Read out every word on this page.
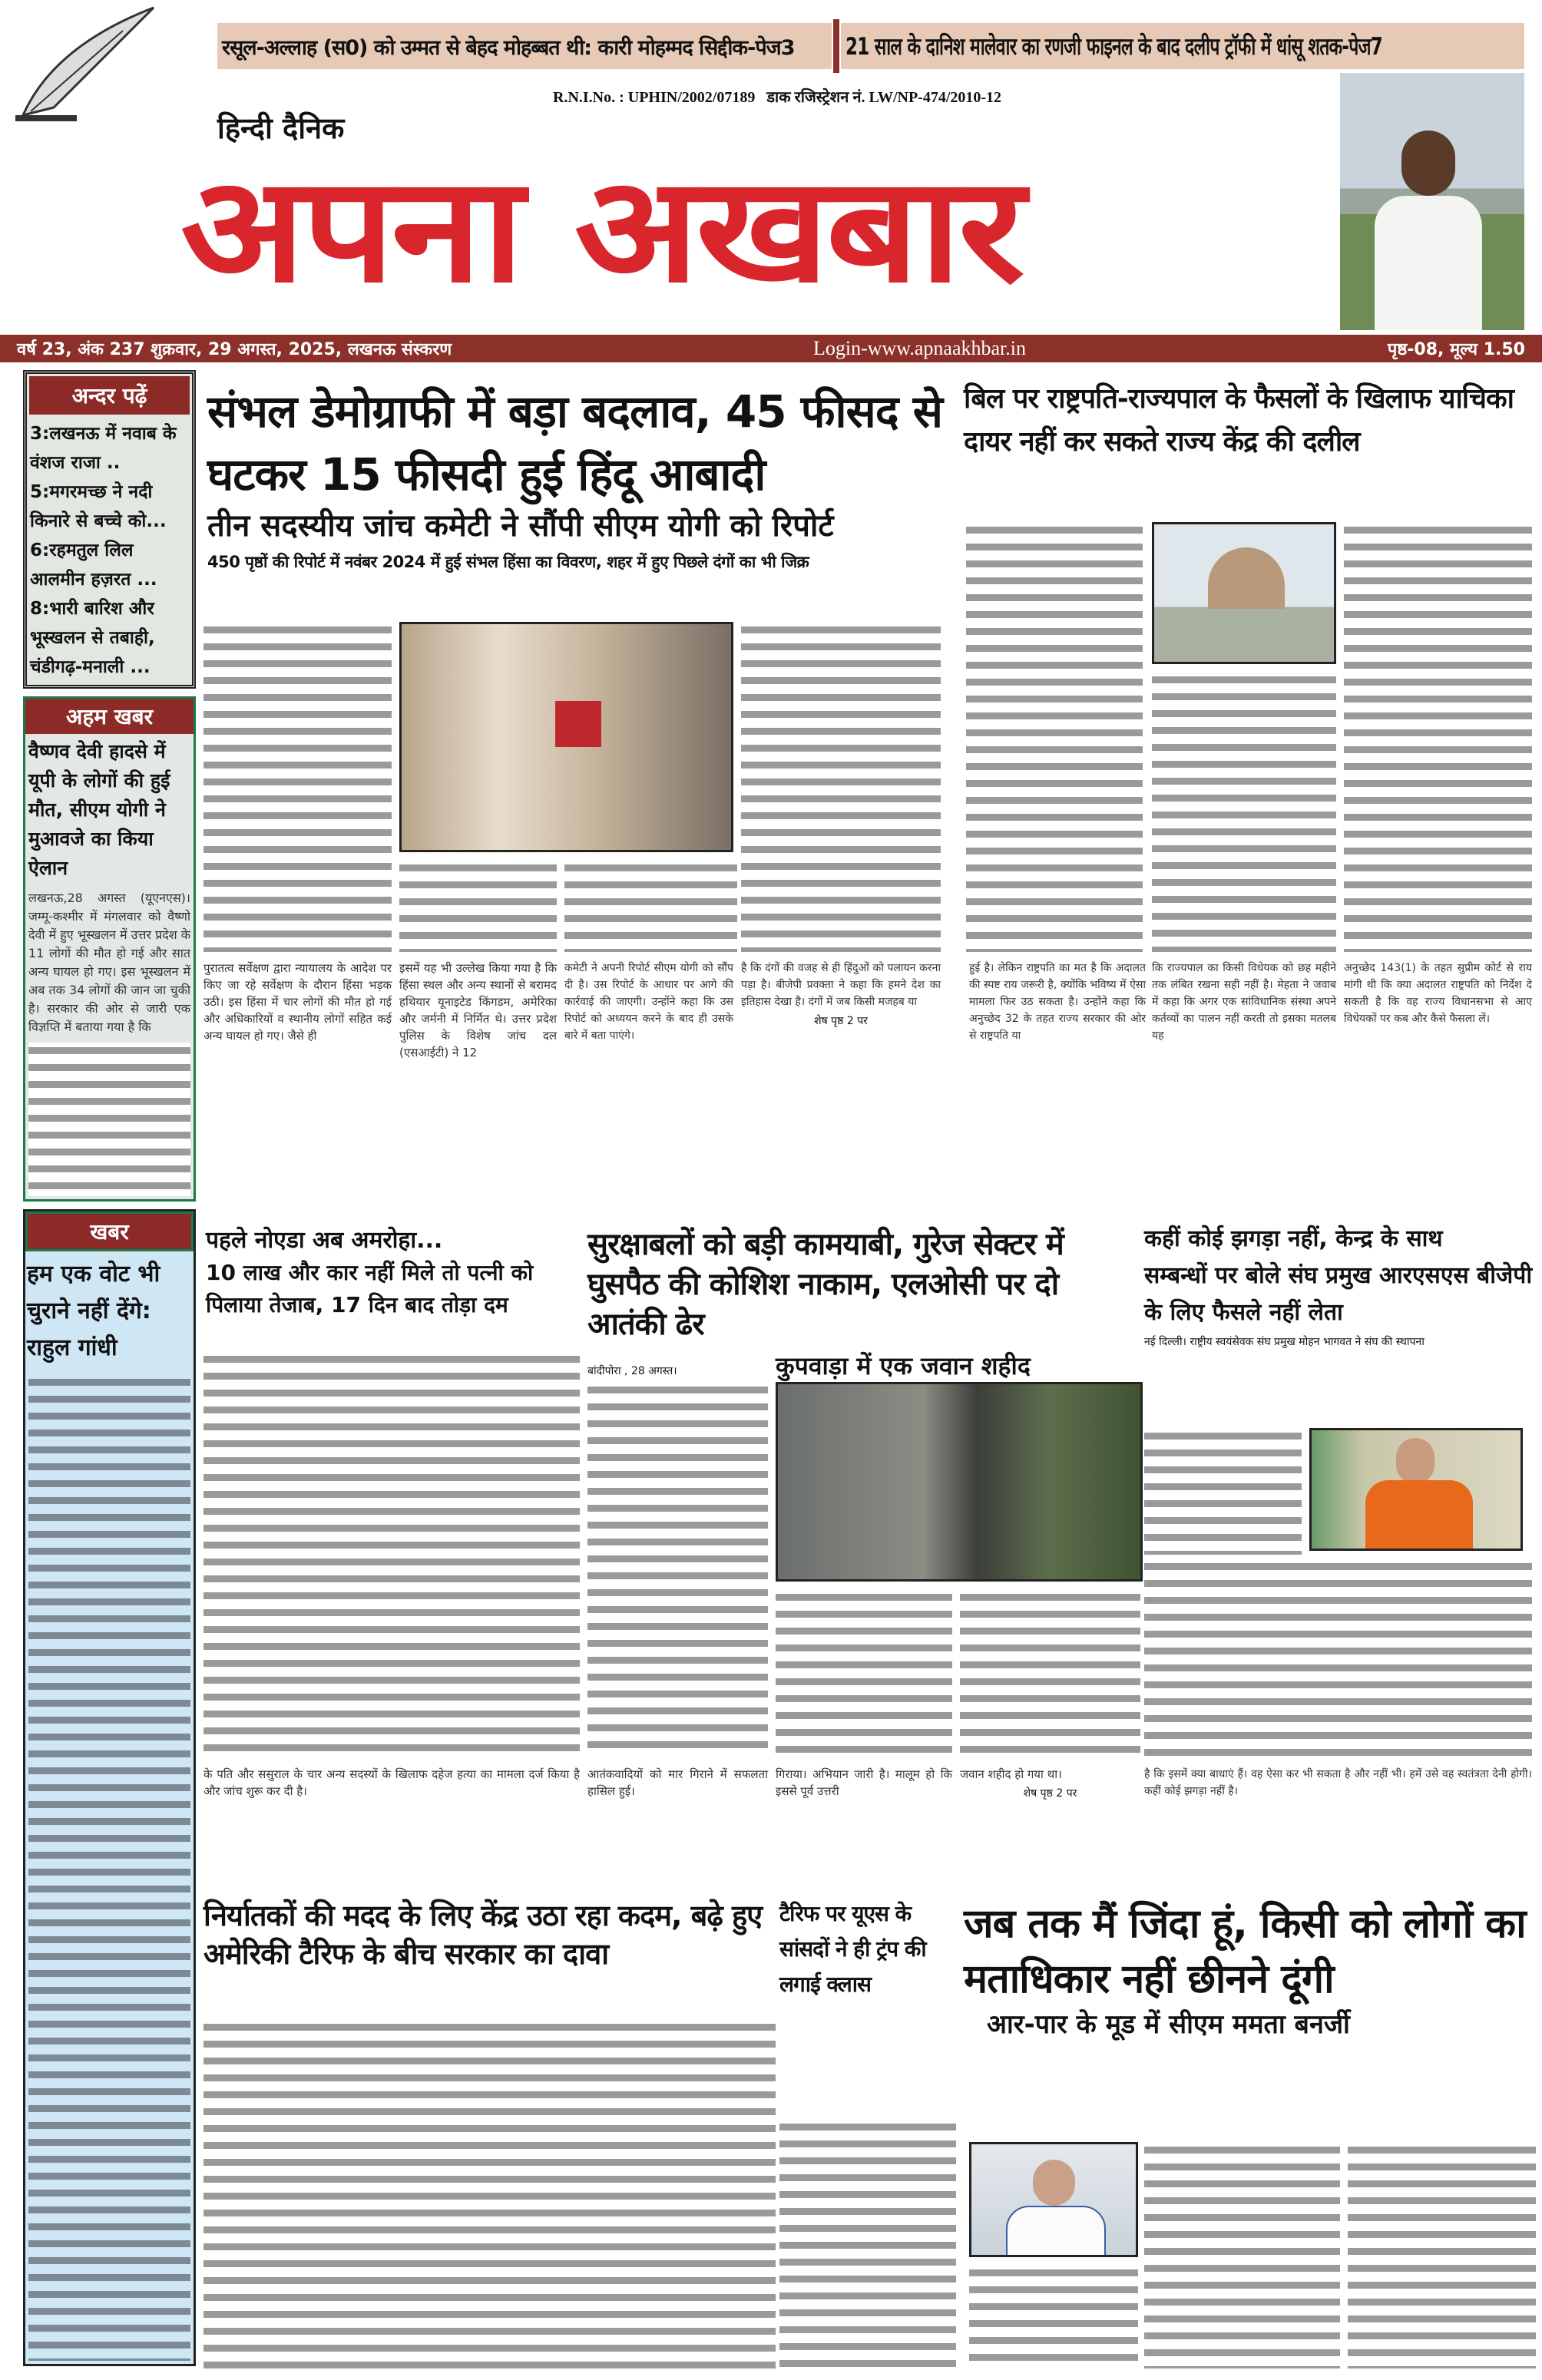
रसूल-अल्लाह (स0) को उम्मत से बेहद मोहब्बत थी: कारी मोहम्मद सिद्दीक- पेज3 21 साल के दानिश मालेवार का रणजी फाइनल के बाद दलीप ट्रॉफी में धांसू शतक-पेज7
R.N.I.No. : UPHIN/2002/07189 डाक रजिस्ट्रेशन नं. LW/NP-474/2010-12
हिन्दी दैनिक
अपना अखबार
वर्ष 23, अंक 237 शुक्रवार, 29 अगस्त, 2025, लखनऊ संस्करण	Login-www.apnaakhbar.in	पृष्ठ-08, मूल्य 1.50
अन्दर पढ़ें
3:लखनऊ में नवाब के वंशज राजा ..
5:मगरमच्छ ने नदी किनारे से बच्चे को...
6:रहमतुल लिल आलमीन हज़रत ...
8:भारी बारिश और भूस्खलन से तबाही, चंडीगढ़-मनाली ...
अहम खबर
वैष्णव देवी हादसे में यूपी के लोगों की हुई मौत, सीएम योगी ने मुआवजे का किया ऐलान
लखनऊ,28 अगस्त (यूएनएस)। जम्मू-कश्मीर में मंगलवार को वैष्णो देवी में हुए भूस्खलन में उत्तर प्रदेश के 11 लोगों की मौत हो गई और सात अन्य घायल हो गए। इस भूस्खलन में अब तक 34 लोगों की जान जा चुकी है। सरकार की ओर से जारी एक विज्ञप्ति में बताया गया है कि
खबर
हम एक वोट भी चुराने नहीं देंगे: राहुल गांधी
संभल डेमोग्राफी में बड़ा बदलाव, 45 फीसद से घटकर 15 फीसदी हुई हिंदू आबादी
तीन सदस्यीय जांच कमेटी ने सौंपी सीएम योगी को रिपोर्ट
450 पृष्ठों की रिपोर्ट में नवंबर 2024 में हुई संभल हिंसा का विवरण, शहर में हुए पिछले दंगों का भी जिक्र
पुरातत्व सर्वेक्षण द्वारा न्यायालय के आदेश पर किए जा रहे सर्वेक्षण के दौरान हिंसा भड़क उठी। इस हिंसा में चार लोगों की मौत हो गई और अधिकारियों व स्थानीय लोगों सहित कई अन्य घायल हो गए। जैसे ही
इसमें यह भी उल्लेख किया गया है कि हिंसा स्थल और अन्य स्थानों से बरामद हथियार यूनाइटेड किंगडम, अमेरिका और जर्मनी में निर्मित थे। उत्तर प्रदेश पुलिस के विशेष जांच दल (एसआईटी) ने 12
कमेटी ने अपनी रिपोर्ट सीएम योगी को सौंप दी है। उस रिपोर्ट के आधार पर आगे की कार्रवाई की जाएगी। उन्होंने कहा कि उस रिपोर्ट को अध्ययन करने के बाद ही उसके बारे में बता पाएंगे।
है कि दंगों की वजह से ही हिंदुओं को पलायन करना पड़ा है। बीजेपी प्रवक्ता ने कहा कि हमने देश का इतिहास देखा है। दंगों में जब किसी मजहब या
शेष पृष्ठ 2 पर
बिल पर राष्ट्रपति-राज्यपाल के फैसलों के खिलाफ याचिका दायर नहीं कर सकते राज्य केंद्र की दलील
हुई है। लेकिन राष्ट्रपति का मत है कि अदालत की स्पष्ट राय जरूरी है, क्योंकि भविष्य में ऐसा मामला फिर उठ सकता है। उन्होंने कहा कि अनुच्छेद 32 के तहत राज्य सरकार की ओर से राष्ट्रपति या
कि राज्यपाल का किसी विधेयक को छह महीने तक लंबित रखना सही नहीं है। मेहता ने जवाब में कहा कि अगर एक सांविधानिक संस्था अपने कर्तव्यों का पालन नहीं करती तो इसका मतलब यह
अनुच्छेद 143(1) के तहत सुप्रीम कोर्ट से राय मांगी थी कि क्या अदालत राष्ट्रपति को निर्देश दे सकती है कि वह राज्य विधानसभा से आए विधेयकों पर कब और कैसे फैसला लें।
पहले नोएडा अब अमरोहा...
10 लाख और कार नहीं मिले तो पत्नी को पिलाया तेजाब, 17 दिन बाद तोड़ा दम
के पति और ससुराल के चार अन्य सदस्यों के खिलाफ दहेज हत्या का मामला दर्ज किया है और जांच शुरू कर दी है।
सुरक्षाबलों को बड़ी कामयाबी, गुरेज सेक्टर में घुसपैठ की कोशिश नाकाम, एलओसी पर दो आतंकी ढेर
बांदीपोरा , 28 अगस्त।	कुपवाड़ा में एक जवान शहीद
आतंकवादियों को मार गिराने में सफलता हासिल हुई।
गिराया। अभियान जारी है। मालूम हो कि इससे पूर्व उत्तरी
जवान शहीद हो गया था।
शेष पृष्ठ 2 पर
कहीं कोई झगड़ा नहीं, केन्द्र के साथ
सम्बन्धों पर बोले संघ प्रमुख आरएसएस बीजेपी के लिए फैसले नहीं लेता
नई दिल्ली। राष्ट्रीय स्वयंसेवक संघ प्रमुख मोहन भागवत ने संघ की स्थापना
है कि इसमें क्या बाधाएं हैं। वह ऐसा कर भी सकता है और नहीं भी। हमें उसे वह स्वतंत्रता देनी होगी। कहीं कोई झगड़ा नहीं है।
निर्यातकों की मदद के लिए केंद्र उठा रहा कदम, बढ़े हुए अमेरिकी टैरिफ के बीच सरकार का दावा
टैरिफ पर यूएस के सांसदों ने ही ट्रंप की लगाई क्लास
जब तक मैं जिंदा हूं, किसी को लोगों का मताधिकार नहीं छीनने दूंगी
आर-पार के मूड में सीएम ममता बनर्जी
